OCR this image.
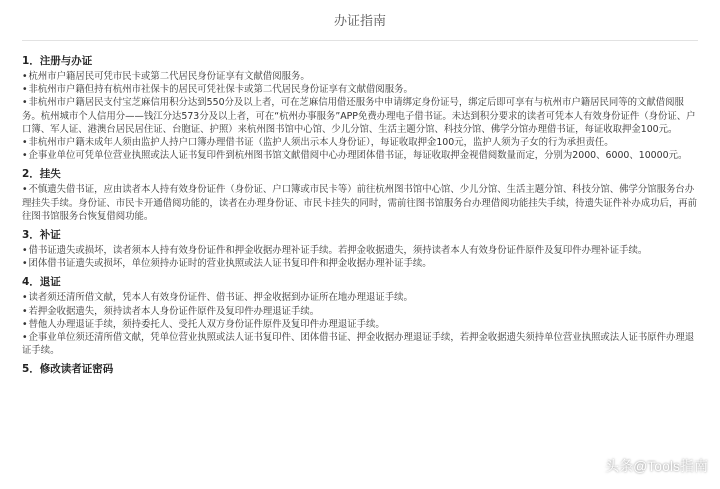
办证指南
1．注册与办证

•杭州市户籍居民可凭市民卡或第二代居民身份证享有文献借阅服务。

•非杭州市户籍但持有杭州市社保卡的居民可凭社保卡或第二代居民身份证享有文献借阅服务。

•非杭州市户籍居民支付宝芝麻信用积分达到550分及以上者，可在芝麻信用借还服务中申请绑定身份证号，绑定后即可享有与杭州市户籍居民同等的文献借阅服务。杭州城市个人信用分——钱江分达573分及以上者，可在“杭州办事服务”APP免费办理电子借书证。未达到积分要求的读者可凭本人有效身份证件（身份证、户口簿、军人证、港澳台居民居住证、台胞证、护照）来杭州图书馆中心馆、少儿分馆、生活主题分馆、科技分馆、佛学分馆办理借书证，每证收取押金100元。

•非杭州市户籍未成年人须由监护人持户口簿办理借书证（监护人须出示本人身份证），每证收取押金100元，监护人须为子女的行为承担责任。

•企事业单位可凭单位营业执照或法人证书复印件到杭州图书馆文献借阅中心办理团体借书证，每证收取押金视借阅数量而定，分别为2000、6000、10000元。

2．挂失

•不慎遗失借书证，应由读者本人持有效身份证件（身份证、户口簿或市民卡等）前往杭州图书馆中心馆、少儿分馆、生活主题分馆、科技分馆、佛学分馆服务台办理挂失手续。身份证、市民卡开通借阅功能的，读者在办理身份证、市民卡挂失的同时，需前往图书馆服务台办理借阅功能挂失手续，待遗失证件补办成功后，再前往图书馆服务台恢复借阅功能。

3．补证

•借书证遗失或损坏，读者须本人持有效身份证件和押金收据办理补证手续。若押金收据遗失，须持读者本人有效身份证件原件及复印件办理补证手续。

•团体借书证遗失或损坏，单位须持办证时的营业执照或法人证书复印件和押金收据办理补证手续。

4．退证

•读者须还清所借文献，凭本人有效身份证件、借书证、押金收据到办证所在地办理退证手续。

•若押金收据遗失，须持读者本人身份证件原件及复印件办理退证手续。

•替他人办理退证手续，须持委托人、受托人双方身份证件原件及复印件办理退证手续。

•企事业单位须还清所借文献，凭单位营业执照或法人证书复印件、团体借书证、押金收据办理退证手续，若押金收据遗失须持单位营业执照或法人证书原件办理退证手续。

5．修改读者证密码
头条@Tools指南
